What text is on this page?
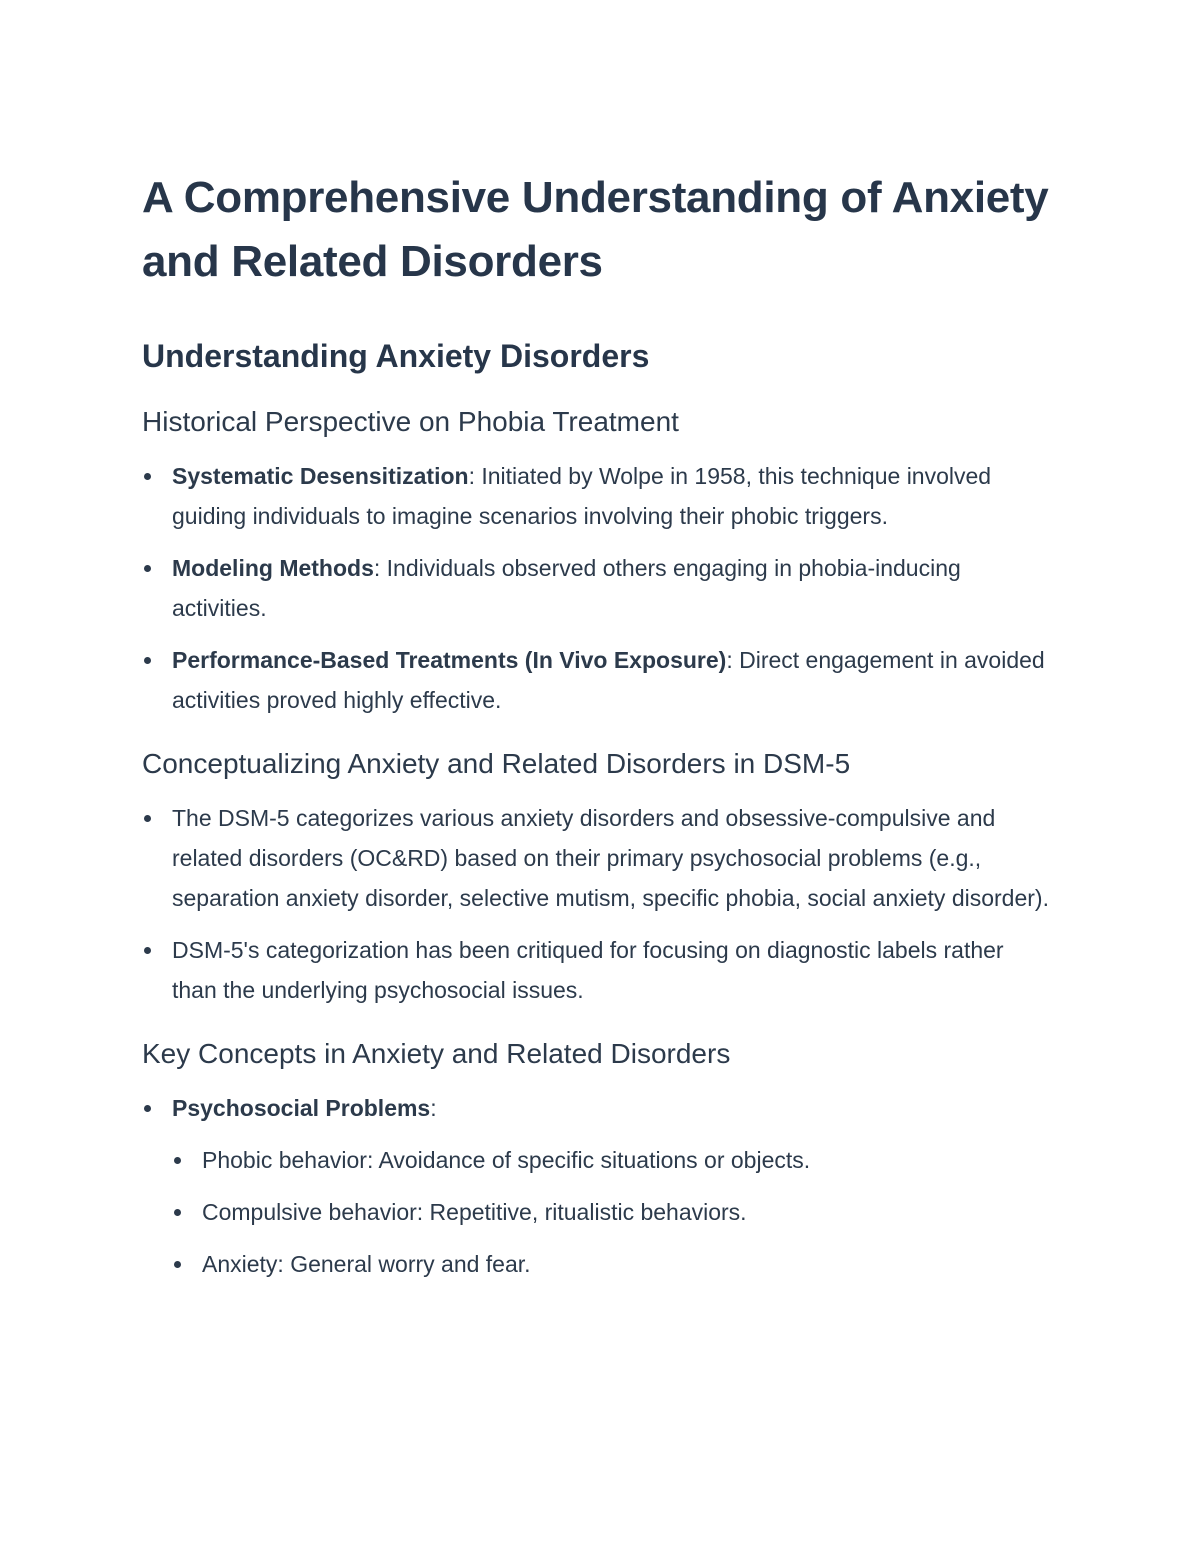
A Comprehensive Understanding of Anxiety and Related Disorders
Understanding Anxiety Disorders
Historical Perspective on Phobia Treatment
Systematic Desensitization: Initiated by Wolpe in 1958, this technique involved guiding individuals to imagine scenarios involving their phobic triggers.
Modeling Methods: Individuals observed others engaging in phobia-inducing activities.
Performance-Based Treatments (In Vivo Exposure): Direct engagement in avoided activities proved highly effective.
Conceptualizing Anxiety and Related Disorders in DSM-5
The DSM-5 categorizes various anxiety disorders and obsessive-compulsive and related disorders (OC&RD) based on their primary psychosocial problems (e.g., separation anxiety disorder, selective mutism, specific phobia, social anxiety disorder).
DSM-5's categorization has been critiqued for focusing on diagnostic labels rather than the underlying psychosocial issues.
Key Concepts in Anxiety and Related Disorders
Psychosocial Problems:
Phobic behavior: Avoidance of specific situations or objects.
Compulsive behavior: Repetitive, ritualistic behaviors.
Anxiety: General worry and fear.
